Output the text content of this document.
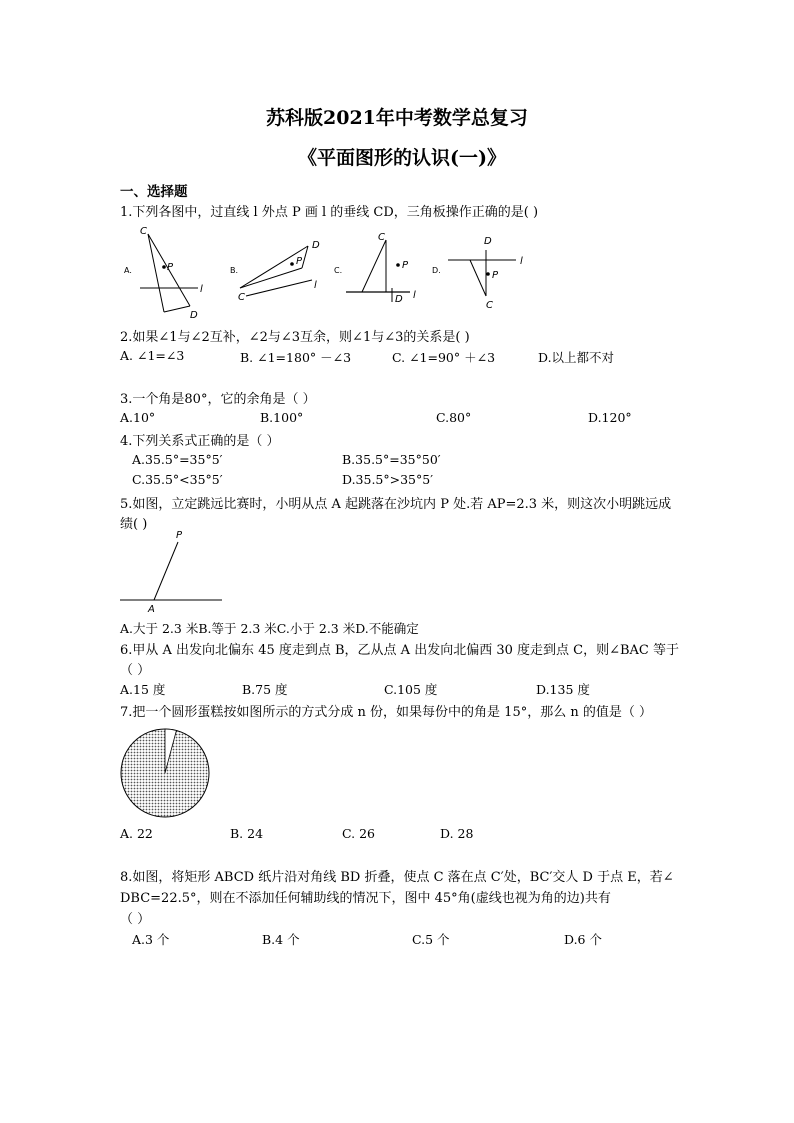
苏科版2021年中考数学总复习
《平面图形的认识(一)》
一、选择题
1.下列各图中，过直线 l 外点 P 画 l 的垂线 CD，三角板操作正确的是( )
A.
C
P
l
D
B.
D
P
C
l
C.
C
P
D l
D.
D
l
P
C
2.如果∠1与∠2互补，∠2与∠3互余，则∠1与∠3的关系是( )
A. ∠1=∠3	B. ∠1=180° －∠3	C. ∠1=90° ＋∠3	D.以上都不对
3.一个角是80°，它的余角是（ ）
A.10°	B.100°	C.80°	D.120°
4.下列关系式正确的是（ ）
A.35.5°=35°5′	B.35.5°=35°50′
C.35.5°<35°5′	D.35.5°>35°5′
5.如图，立定跳远比赛时，小明从点 A 起跳落在沙坑内 P 处.若 AP=2.3 米，则这次小明跳远成
绩( )
P
A
A.大于 2.3 米B.等于 2.3 米C.小于 2.3 米D.不能确定
6.甲从 A 出发向北偏东 45 度走到点 B，乙从点 A 出发向北偏西 30 度走到点 C，则∠BAC 等于
（ ）
A.15 度	B.75 度	C.105 度	D.135 度
7.把一个圆形蛋糕按如图所示的方式分成 n 份，如果每份中的角是 15°，那么 n 的值是（ ）
A. 22	B. 24	C. 26	D. 28
8.如图，将矩形 ABCD 纸片沿对角线 BD 折叠，使点 C 落在点 C′处，BC′交人 D 于点 E，若∠
DBC=22.5°，则在不添加任何辅助线的情况下，图中 45°角(虚线也视为角的边)共有
（ ）
A.3 个	B.4 个	C.5 个	D.6 个
